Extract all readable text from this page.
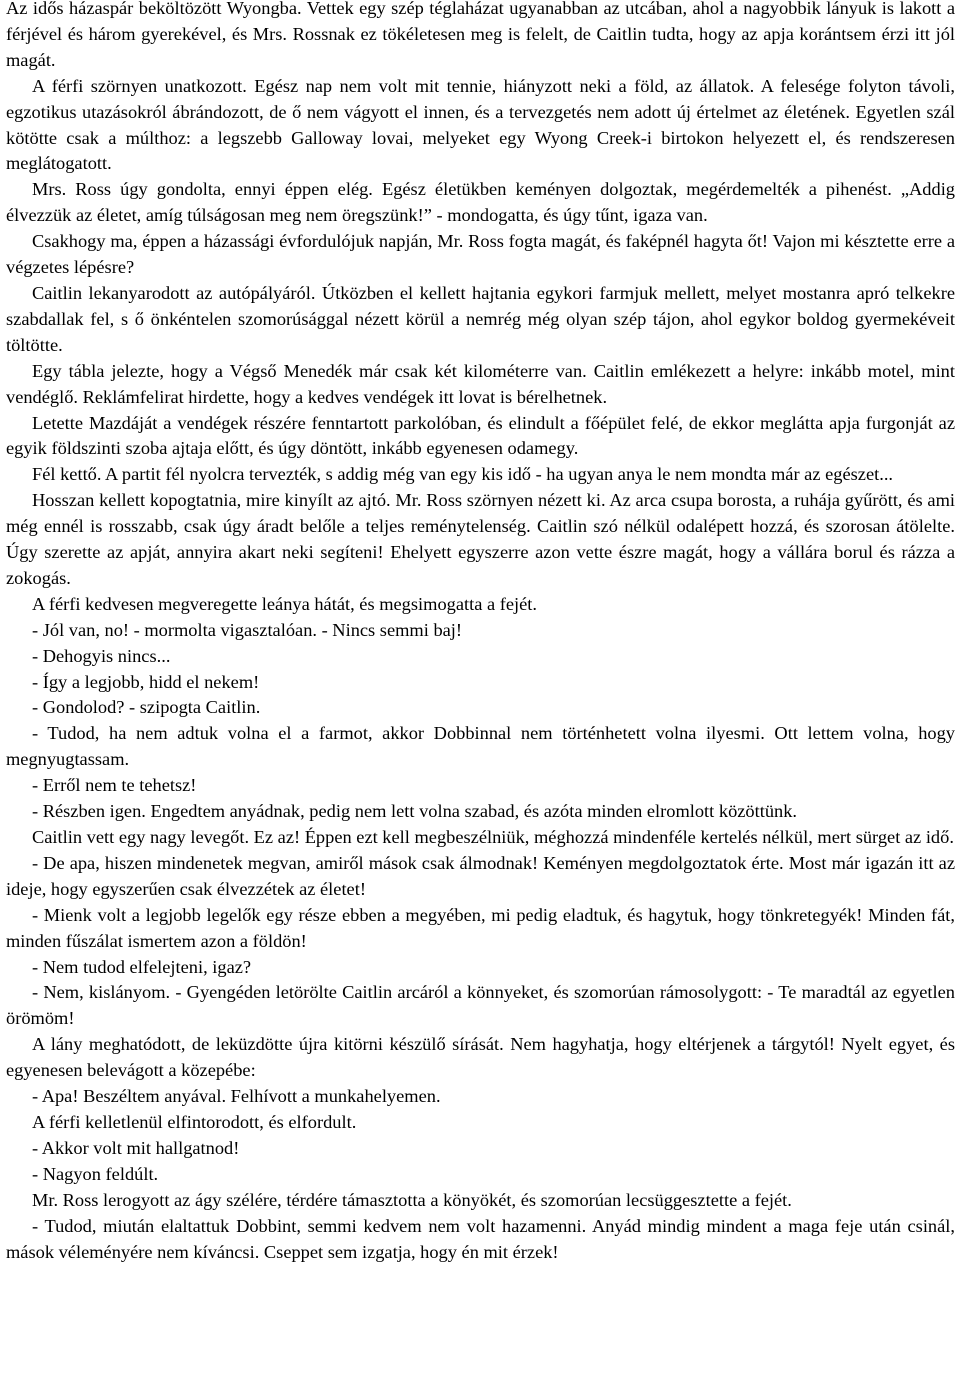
Az idős házaspár beköltözött Wyongba. Vettek egy szép téglaházat ugyanabban az utcában, ahol a nagyobbik lányuk is lakott a férjével és három gyerekével, és Mrs. Rossnak ez tökéletesen meg is felelt, de Caitlin tudta, hogy az apja korántsem érzi itt jól magát.

A férfi szörnyen unatkozott. Egész nap nem volt mit tennie, hiányzott neki a föld, az állatok. A felesége folyton távoli, egzotikus utazásokról ábrándozott, de ő nem vágyott el innen, és a tervezgetés nem adott új értelmet az életének. Egyetlen szál kötötte csak a múlthoz: a legszebb Galloway lovai, melyeket egy Wyong Creek-i birtokon helyezett el, és rendszeresen meglátogatott.

Mrs. Ross úgy gondolta, ennyi éppen elég. Egész életükben keményen dolgoztak, megérdemelték a pihenést. „Addig élvezzük az életet, amíg túlságosan meg nem öregszünk!” - mondogatta, és úgy tűnt, igaza van.

Csakhogy ma, éppen a házassági évfordulójuk napján, Mr. Ross fogta magát, és faképnél hagyta őt! Vajon mi késztette erre a végzetes lépésre?

Caitlin lekanyarodott az autópályáról. Útközben el kellett hajtania egykori farmjuk mellett, melyet mostanra apró telkekre szabdallak fel, s ő önkéntelen szomorúsággal nézett körül a nemrég még olyan szép tájon, ahol egykor boldog gyermekéveit töltötte.

Egy tábla jelezte, hogy a Végső Menedék már csak két kilométerre van. Caitlin emlékezett a helyre: inkább motel, mint vendéglő. Reklámfelirat hirdette, hogy a kedves vendégek itt lovat is bérelhetnek.

Letette Mazdáját a vendégek részére fenntartott parkolóban, és elindult a főépület felé, de ekkor meglátta apja furgonját az egyik földszinti szoba ajtaja előtt, és úgy döntött, inkább egyenesen odamegy.

Fél kettő. A partit fél nyolcra tervezték, s addig még van egy kis idő - ha ugyan anya le nem mondta már az egészet...

Hosszan kellett kopogtatnia, mire kinyílt az ajtó. Mr. Ross szörnyen nézett ki. Az arca csupa borosta, a ruhája gyűrött, és ami még ennél is rosszabb, csak úgy áradt belőle a teljes reménytelenség. Caitlin szó nélkül odalépett hozzá, és szorosan átölelte. Úgy szerette az apját, annyira akart neki segíteni! Ehelyett egyszerre azon vette észre magát, hogy a vállára borul és rázza a zokogás.

A férfi kedvesen megveregette leánya hátát, és megsimogatta a fejét.

- Jól van, no! - mormolta vigasztalóan. - Nincs semmi baj!

- Dehogyis nincs...

- Így a legjobb, hidd el nekem!

- Gondolod? - szipogta Caitlin.

- Tudod, ha nem adtuk volna el a farmot, akkor Dobbinnal nem történhetett volna ilyesmi. Ott lettem volna, hogy megnyugtassam.

- Erről nem te tehetsz!

- Részben igen. Engedtem anyádnak, pedig nem lett volna szabad, és azóta minden elromlott közöttünk.

Caitlin vett egy nagy levegőt. Ez az! Éppen ezt kell megbeszélniük, méghozzá mindenféle kertelés nélkül, mert sürget az idő.

- De apa, hiszen mindenetek megvan, amiről mások csak álmodnak! Keményen megdolgoztatok érte. Most már igazán itt az ideje, hogy egyszerűen csak élvezzétek az életet!

- Mienk volt a legjobb legelők egy része ebben a megyében, mi pedig eladtuk, és hagytuk, hogy tönkretegyék! Minden fát, minden fűszálat ismertem azon a földön!

- Nem tudod elfelejteni, igaz?

- Nem, kislányom. - Gyengéden letörölte Caitlin arcáról a könnyeket, és szomorúan rámosolygott: - Te maradtál az egyetlen örömöm!

A lány meghatódott, de leküzdötte újra kitörni készülő sírását. Nem hagyhatja, hogy eltérjenek a tárgytól! Nyelt egyet, és egyenesen belevágott a közepébe:

- Apa! Beszéltem anyával. Felhívott a munkahelyemen.

A férfi kelletlenül elfintorodott, és elfordult.

- Akkor volt mit hallgatnod!

- Nagyon feldúlt.

Mr. Ross lerogyott az ágy szélére, térdére támasztotta a könyökét, és szomorúan lecsüggesztette a fejét.

- Tudod, miután elaltattuk Dobbint, semmi kedvem nem volt hazamenni. Anyád mindig mindent a maga feje után csinál, mások véleményére nem kíváncsi. Cseppet sem izgatja, hogy én mit érzek!
